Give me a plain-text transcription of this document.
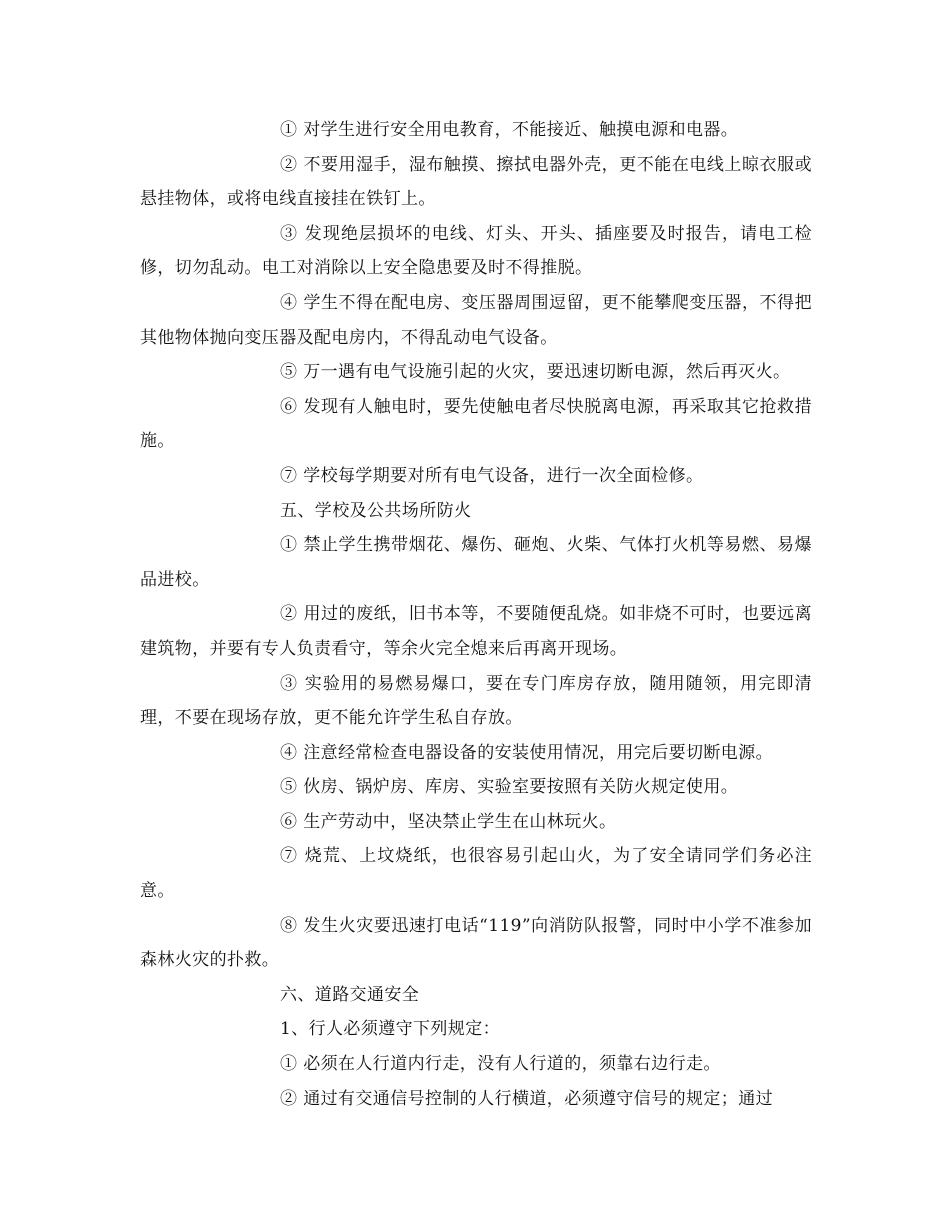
① 对学生进行安全用电教育，不能接近、触摸电源和电器。

② 不要用湿手，湿布触摸、擦拭电器外壳，更不能在电线上晾衣服或悬挂物体，或将电线直接挂在铁钉上。

③ 发现绝层损坏的电线、灯头、开头、插座要及时报告，请电工检修，切勿乱动。电工对消除以上安全隐患要及时不得推脱。

④ 学生不得在配电房、变压器周围逗留，更不能攀爬变压器，不得把其他物体抛向变压器及配电房内，不得乱动电气设备。

⑤ 万一遇有电气设施引起的火灾，要迅速切断电源，然后再灭火。

⑥ 发现有人触电时，要先使触电者尽快脱离电源，再采取其它抢救措施。

⑦ 学校每学期要对所有电气设备，进行一次全面检修。

五、学校及公共场所防火

① 禁止学生携带烟花、爆伤、砸炮、火柴、气体打火机等易燃、易爆品进校。

② 用过的废纸，旧书本等，不要随便乱烧。如非烧不可时，也要远离建筑物，并要有专人负责看守，等余火完全熄来后再离开现场。

③ 实验用的易燃易爆口，要在专门库房存放，随用随领，用完即清理，不要在现场存放，更不能允许学生私自存放。

④ 注意经常检查电器设备的安装使用情况，用完后要切断电源。

⑤ 伙房、锅炉房、库房、实验室要按照有关防火规定使用。

⑥ 生产劳动中，坚决禁止学生在山林玩火。

⑦ 烧荒、上坟烧纸，也很容易引起山火，为了安全请同学们务必注意。

⑧ 发生火灾要迅速打电话“119”向消防队报警，同时中小学不准参加森林火灾的扑救。

六、道路交通安全

1、行人必须遵守下列规定：

① 必须在人行道内行走，没有人行道的，须靠右边行走。

② 通过有交通信号控制的人行横道，必须遵守信号的规定；通过
